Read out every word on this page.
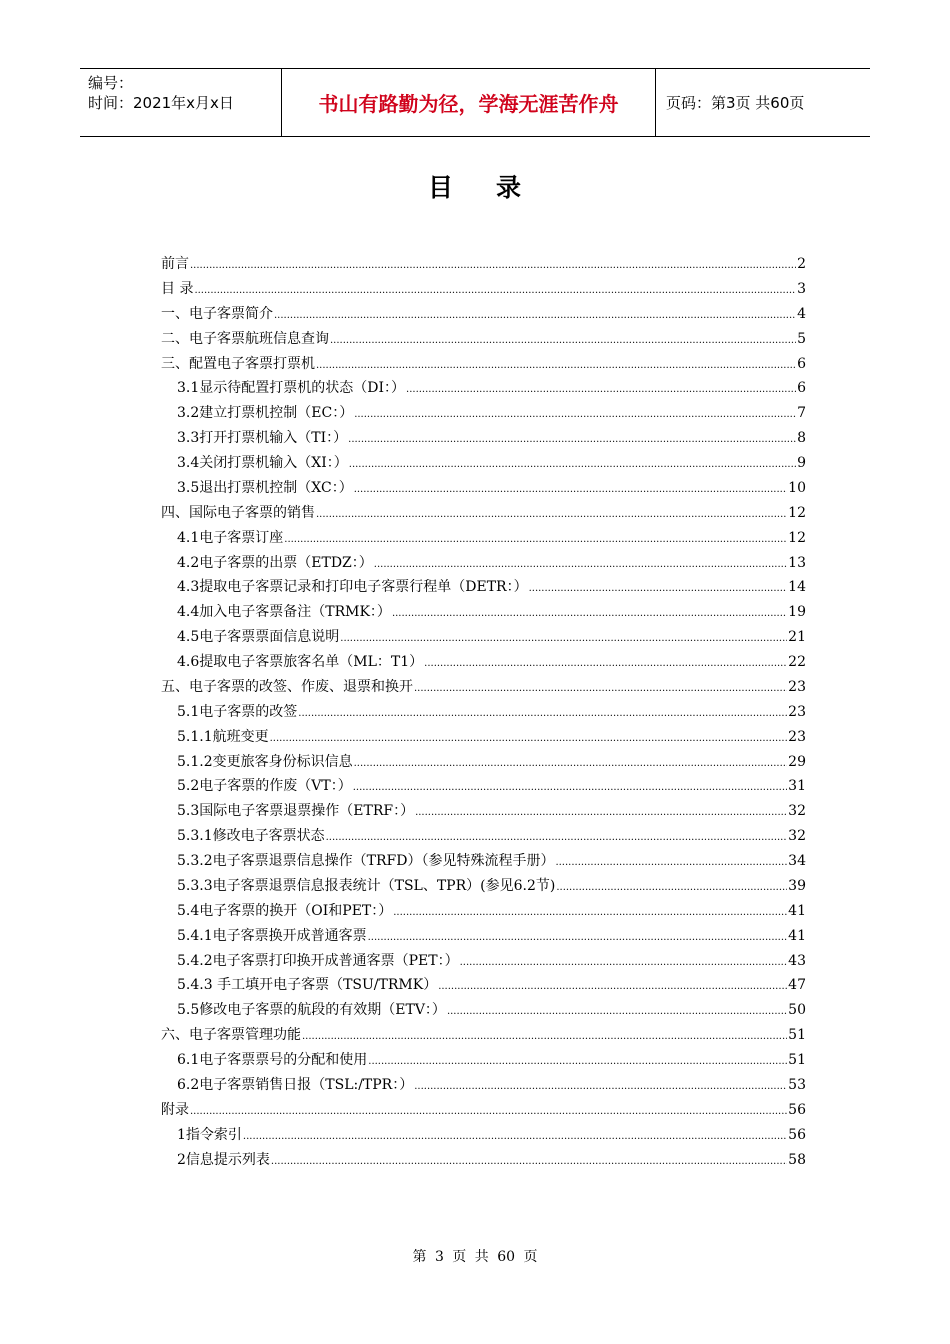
编号：
时间：2021年x月x日	书山有路勤为径，学海无涯苦作舟	页码：第3页 共60页
目 录
前言 .....	2
目 录 .....	3
一、电子客票简介 .....	4
二、电子客票航班信息查询 .....	5
三、配置电子客票打票机 .....	6
3.1显示待配置打票机的状态（DI：） .....	6
3.2建立打票机控制（EC：） .....	7
3.3打开打票机输入（TI：） .....	8
3.4关闭打票机输入（XI：） .....	9
3.5退出打票机控制（XC：） .....	10
四、国际电子客票的销售 .....	12
4.1电子客票订座 .....	12
4.2电子客票的出票（ETDZ：） .....	13
4.3提取电子客票记录和打印电子客票行程单（DETR：） .....	14
4.4加入电子客票备注（TRMK：） .....	19
4.5电子客票票面信息说明 .....	21
4.6提取电子客票旅客名单（ML：T1） .....	22
五、电子客票的改签、作废、退票和换开 .....	23
5.1电子客票的改签 .....	23
5.1.1航班变更 .....	23
5.1.2变更旅客身份标识信息 .....	29
5.2电子客票的作废（VT：） .....	31
5.3国际电子客票退票操作（ETRF：） .....	32
5.3.1修改电子客票状态 .....	32
5.3.2电子客票退票信息操作（TRFD）（参见特殊流程手册） .....	34
5.3.3电子客票退票信息报表统计（TSL、TPR）(参见6.2节) .....	39
5.4电子客票的换开（OI和PET：） .....	41
5.4.1电子客票换开成普通客票 .....	41
5.4.2电子客票打印换开成普通客票（PET：） .....	43
5.4.3 手工填开电子客票（TSU/TRMK） .....	47
5.5修改电子客票的航段的有效期（ETV：） .....	50
六、电子客票管理功能 .....	51
6.1电子客票票号的分配和使用 .....	51
6.2电子客票销售日报（TSL:/TPR：） .....	53
附录 .....	56
1指令索引 .....	56
2信息提示列表 .....	58
第 3 页 共 60 页
